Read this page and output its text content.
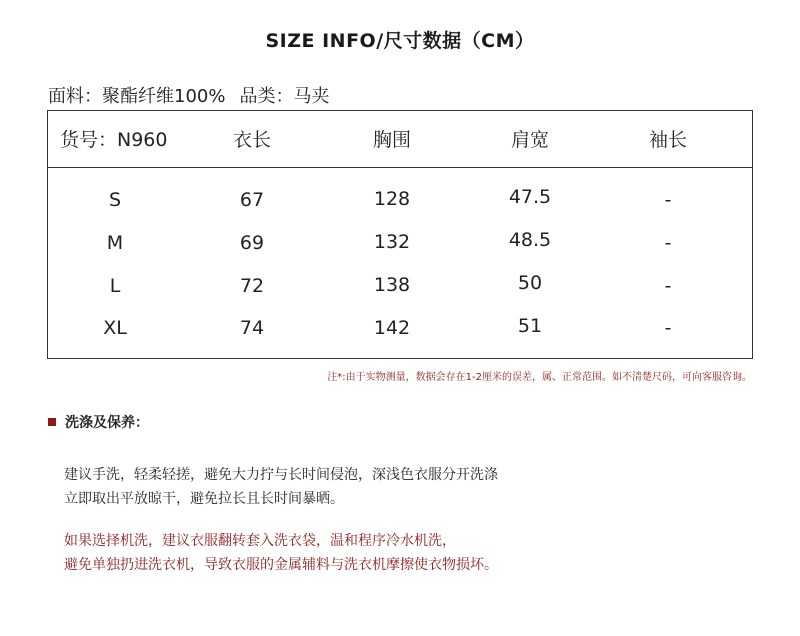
SIZE INFO/尺寸数据（CM）
面料：聚酯纤维100% 品类：马夹
货号：N960	衣长	胸围	肩宽	袖长
S	67	128	47.5	-
M	69	132	48.5	-
L	72	138	50	-
XL	74	142	51	-
注*:由于实物测量，数据会存在1-2厘米的误差，属、正常范围。如不清楚尺码，可向客服咨询。
洗涤及保养：
建议手洗，轻柔轻搓，避免大力拧与长时间侵泡，深浅色衣服分开洗涤
立即取出平放晾干，避免拉长且长时间暴晒。
如果选择机洗，建议衣服翻转套入洗衣袋，温和程序冷水机洗，
避免单独扔进洗衣机，导致衣服的金属辅料与洗衣机摩擦使衣物损坏。
